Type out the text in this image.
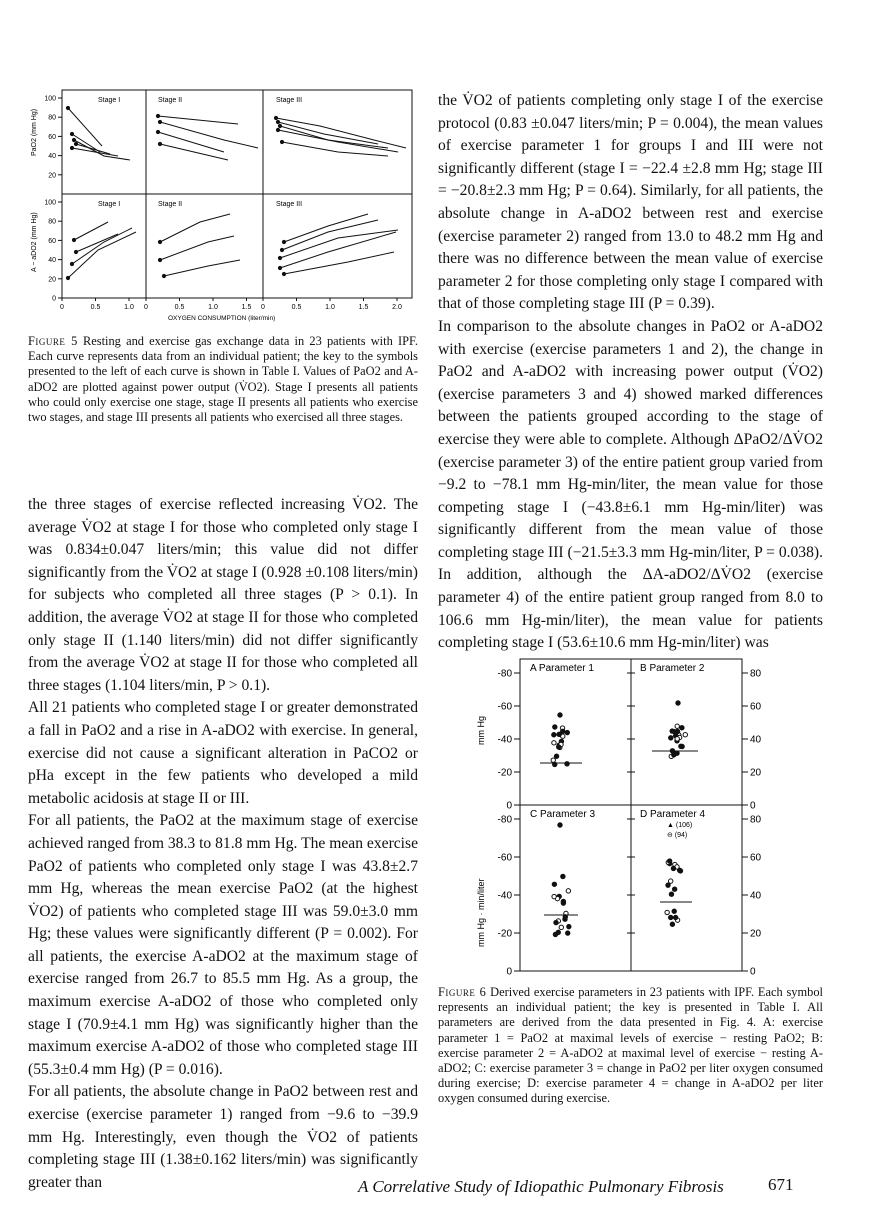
Stage I	Stage II	Stage III
Stage I	Stage II	Stage III
PaO2 (mm Hg)
A − aDO2 (mm Hg)
100
80
60
40
20
100
80
60
40
20
0
0	0.5	1.0 0	0.5	1.0	1.5 0	0.5	1.0	1.5	2.0
OXYGEN CONSUMPTION (liter/min)
Figure 5 Resting and exercise gas exchange data in 23 patients with IPF. Each curve represents data from an individual patient; the key to the symbols presented to the left of each curve is shown in Table I. Values of PaO2 and A-aDO2 are plotted against power output (V̇O2). Stage I presents all patients who could only exercise one stage, stage II presents all patients who exercise two stages, and stage III presents all patients who exercised all three stages.

the three stages of exercise reflected increasing V̇O2. The average V̇O2 at stage I for those who completed only stage I was 0.834±0.047 liters/min; this value did not differ significantly from the V̇O2 at stage I (0.928 ±0.108 liters/min) for subjects who completed all three stages (P > 0.1). In addition, the average V̇O2 at stage II for those who completed only stage II (1.140 liters/min) did not differ significantly from the average V̇O2 at stage II for those who completed all three stages (1.104 liters/min, P > 0.1).

All 21 patients who completed stage I or greater demonstrated a fall in PaO2 and a rise in A-aDO2 with exercise. In general, exercise did not cause a significant alteration in PaCO2 or pHa except in the few patients who developed a mild metabolic acidosis at stage II or III.

For all patients, the PaO2 at the maximum stage of exercise achieved ranged from 38.3 to 81.8 mm Hg. The mean exercise PaO2 of patients who completed only stage I was 43.8±2.7 mm Hg, whereas the mean exercise PaO2 (at the highest V̇O2) of patients who completed stage III was 59.0±3.0 mm Hg; these values were significantly different (P = 0.002). For all patients, the exercise A-aDO2 at the maximum stage of exercise ranged from 26.7 to 85.5 mm Hg. As a group, the maximum exercise A-aDO2 of those who completed only stage I (70.9±4.1 mm Hg) was significantly higher than the maximum exercise A-aDO2 of those who completed stage III (55.3±0.4 mm Hg) (P = 0.016).

For all patients, the absolute change in PaO2 between rest and exercise (exercise parameter 1) ranged from −9.6 to −39.9 mm Hg. Interestingly, even though the V̇O2 of patients completing stage III (1.38±0.162 liters/min) was significantly greater than

the V̇O2 of patients completing only stage I of the exercise protocol (0.83 ±0.047 liters/min; P = 0.004), the mean values of exercise parameter 1 for groups I and III were not significantly different (stage I = −22.4 ±2.8 mm Hg; stage III = −20.8±2.3 mm Hg; P = 0.64). Similarly, for all patients, the absolute change in A-aDO2 between rest and exercise (exercise parameter 2) ranged from 13.0 to 48.2 mm Hg and there was no difference between the mean value of exercise parameter 2 for those completing only stage I compared with that of those completing stage III (P = 0.39).

In comparison to the absolute changes in PaO2 or A-aDO2 with exercise (exercise parameters 1 and 2), the change in PaO2 and A-aDO2 with increasing power output (V̇O2) (exercise parameters 3 and 4) showed marked differences between the patients grouped according to the stage of exercise they were able to complete. Although ΔPaO2/ΔV̇O2 (exercise parameter 3) of the entire patient group varied from −9.2 to −78.1 mm Hg-min/liter, the mean value for those competing stage I (−43.8±6.1 mm Hg-min/liter) was significantly different from the mean value of those completing stage III (−21.5±3.3 mm Hg-min/liter, P = 0.038). In addition, although the ΔA-aDO2/ΔV̇O2 (exercise parameter 4) of the entire patient group ranged from 8.0 to 106.6 mm Hg-min/liter), the mean value for patients completing stage I (53.6±10.6 mm Hg-min/liter) was

A Parameter 1	B Parameter 2
C Parameter 3	D Parameter 4
▲ (106)
⊖ (94)
mm Hg
mm Hg · min/liter
-80	80
-60	60
-40	40
-20	20
0	0
-80	80
-60	60
-40	40
-20	20
0	0
Figure 6 Derived exercise parameters in 23 patients with IPF. Each symbol represents an individual patient; the key is presented in Table I. All parameters are derived from the data presented in Fig. 4. A: exercise parameter 1 = PaO2 at maximal levels of exercise − resting PaO2; B: exercise parameter 2 = A-aDO2 at maximal level of exercise − resting A-aDO2; C: exercise parameter 3 = change in PaO2 per liter oxygen consumed during exercise; D: exercise parameter 4 = change in A-aDO2 per liter oxygen consumed during exercise.
A Correlative Study of Idiopathic Pulmonary Fibrosis	671
